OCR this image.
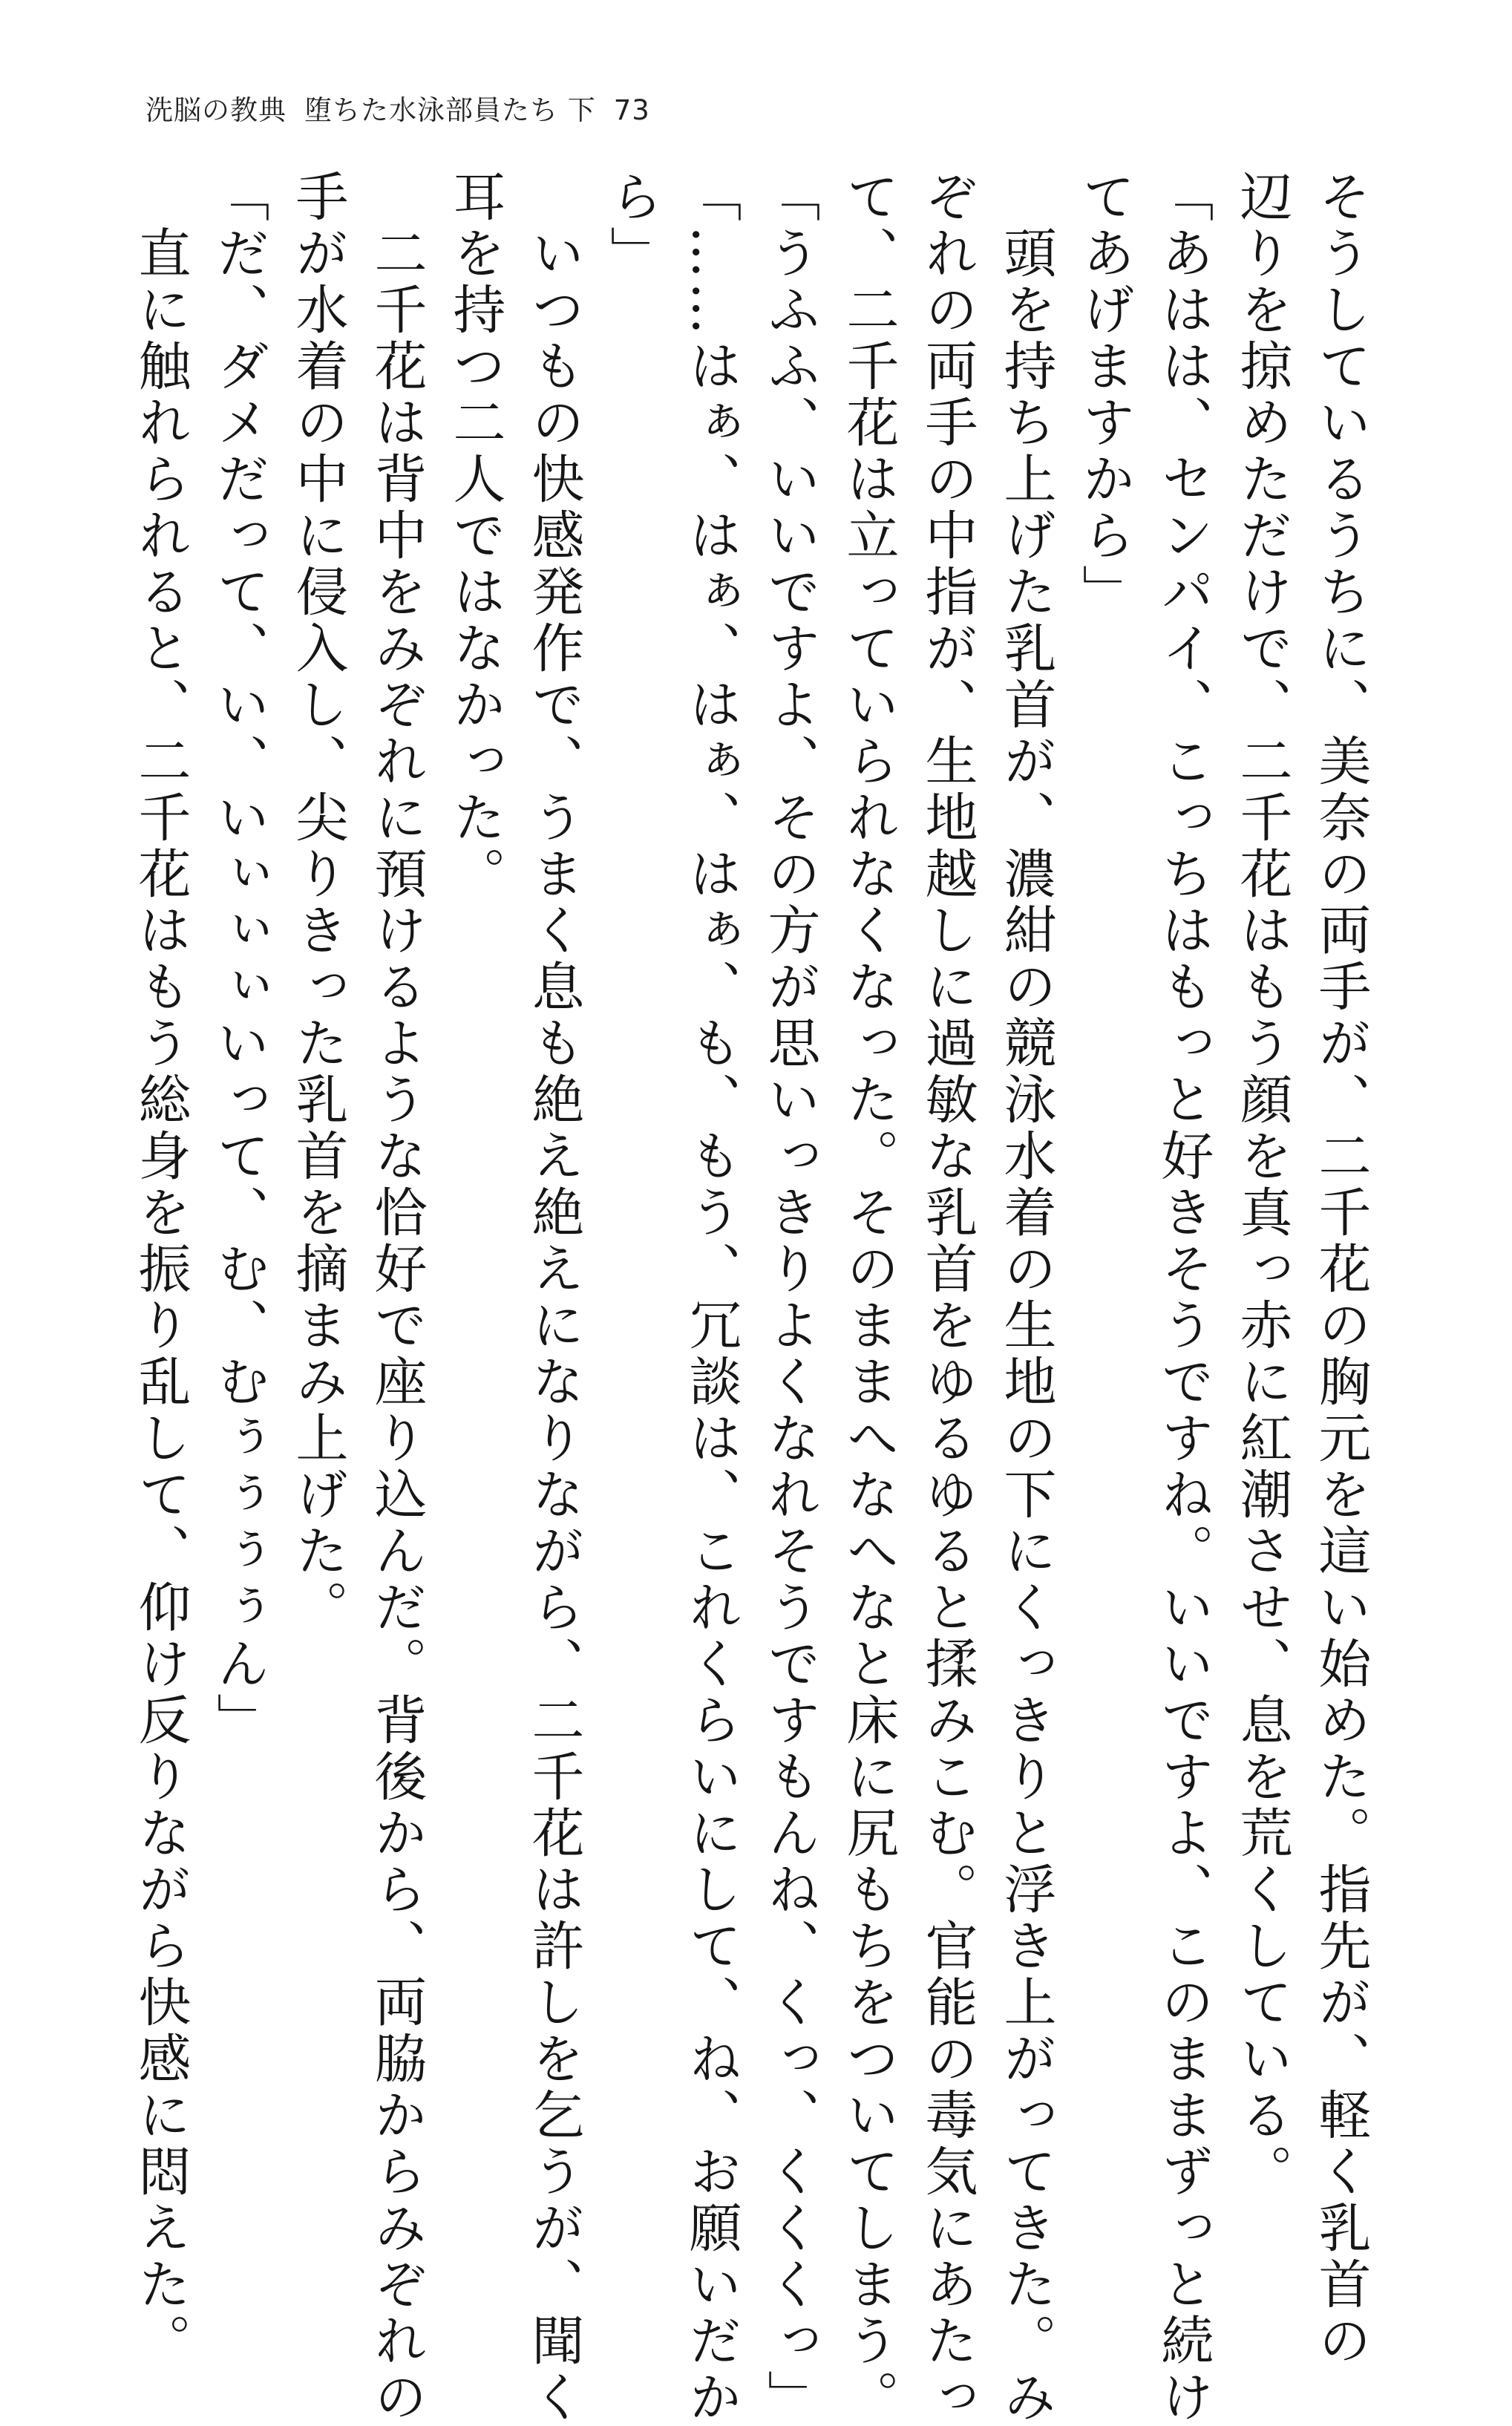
洗脳の教典 堕ちた水泳部員たち 下 73
そうしているうちに、美奈の両手が、二千花の胸元を這い始めた。指先が、軽く乳首の
辺りを掠めただけで、二千花はもう顔を真っ赤に紅潮させ、息を荒くしている。
「あはは、センパイ、こっちはもっと好きそうですね。いいですよ、このままずっと続け
てあげますから」
　頭を持ち上げた乳首が、濃紺の競泳水着の生地の下にくっきりと浮き上がってきた。み
ぞれの両手の中指が、生地越しに過敏な乳首をゆるゆると揉みこむ。官能の毒気にあたっ
て、二千花は立っていられなくなった。そのままへなへなと床に尻もちをついてしまう。
「うふふ、いいですよ、その方が思いっきりよくなれそうですもんね、くっ、くくくっ」
「……はぁ、はぁ、はぁ、はぁ、も、もう、冗談は、これくらいにして、ね、お願いだか
ら」
　いつもの快感発作で、うまく息も絶え絶えになりながら、二千花は許しを乞うが、聞く
耳を持つ二人ではなかった。
　二千花は背中をみぞれに預けるような恰好で座り込んだ。背後から、両脇からみぞれの
手が水着の中に侵入し、尖りきった乳首を摘まみ上げた。
「だ、ダメだって、い、いぃぃぃいって、む、むぅぅぅぅん」
　直に触れられると、二千花はもう総身を振り乱して、仰け反りながら快感に悶えた。
